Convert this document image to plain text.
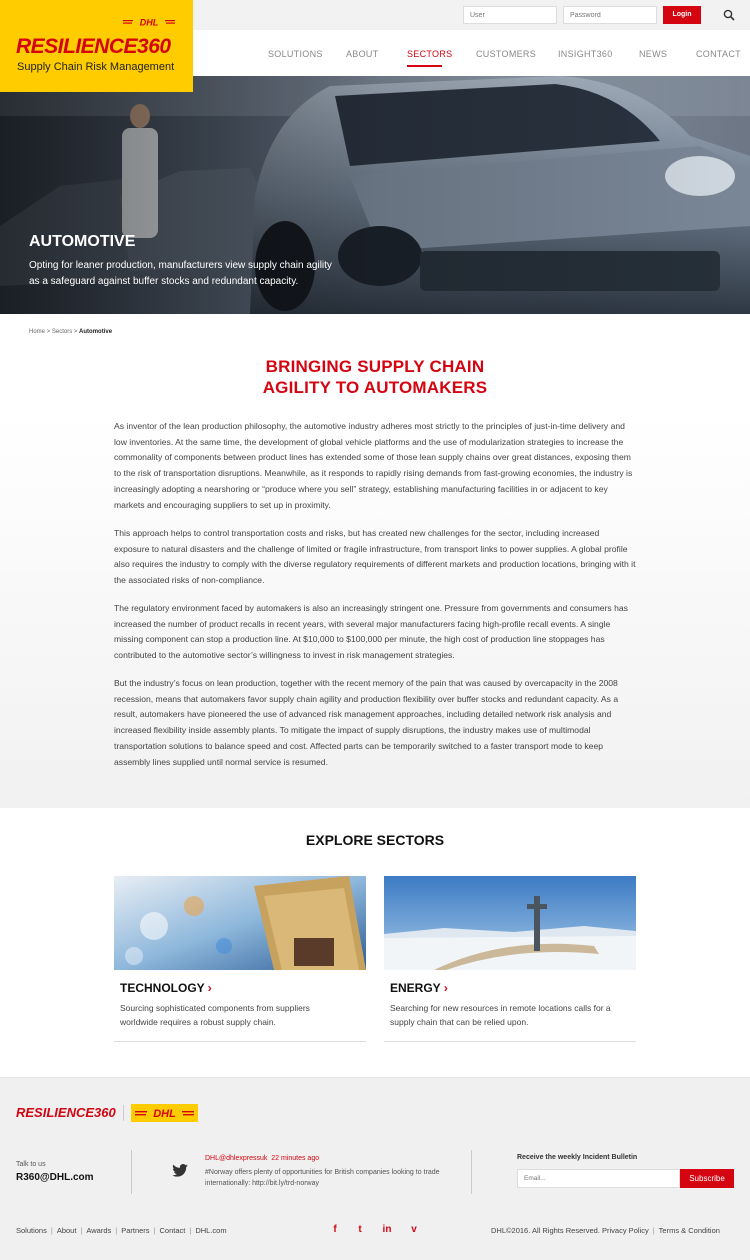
User
Password
Login
SOLUTIONS	ABOUT	SECTORS	CUSTOMERS INSIGHT360	NEWS	CONTACT
DHL
RESILIENCE360
Supply Chain Risk Management
AUTOMOTIVE
Opting for leaner production, manufacturers view supply chain agility as a safeguard against buffer stocks and redundant capacity.
Home > Sectors > Automotive
BRINGING SUPPLY CHAIN
AGILITY TO AUTOMAKERS

As inventor of the lean production philosophy, the automotive industry adheres most strictly to the principles of just-in-time delivery and low inventories. At the same time, the development of global vehicle platforms and the use of modularization strategies to increase the commonality of components between product lines has extended some of those lean supply chains over great distances, exposing them to the risk of transportation disruptions. Meanwhile, as it responds to rapidly rising demands from fast-growing economies, the industry is increasingly adopting a nearshoring or “produce where you sell” strategy, establishing manufacturing facilities in or adjacent to key markets and encouraging suppliers to set up in proximity.

This approach helps to control transportation costs and risks, but has created new challenges for the sector, including increased exposure to natural disasters and the challenge of limited or fragile infrastructure, from transport links to power supplies. A global profile also requires the industry to comply with the diverse regulatory requirements of different markets and production locations, bringing with it the associated risks of non-compliance.

The regulatory environment faced by automakers is also an increasingly stringent one. Pressure from governments and consumers has increased the number of product recalls in recent years, with several major manufacturers facing high-profile recall events. A single missing component can stop a production line. At $10,000 to $100,000 per minute, the high cost of production line stoppages has contributed to the automotive sector’s willingness to invest in risk management strategies.

But the industry’s focus on lean production, together with the recent memory of the pain that was caused by overcapacity in the 2008 recession, means that automakers favor supply chain agility and production flexibility over buffer stocks and redundant capacity. As a result, automakers have pioneered the use of advanced risk management approaches, including detailed network risk analysis and increased flexibility inside assembly plants. To mitigate the impact of supply disruptions, the industry makes use of multimodal transportation solutions to balance speed and cost. Affected parts can be temporarily switched to a faster transport mode to keep assembly lines supplied until normal service is resumed.

EXPLORE SECTORS
TECHNOLOGY ›
Sourcing sophisticated components from suppliers worldwide requires a robust supply chain.
ENERGY ›
Searching for new resources in remote locations calls for a supply chain that can be relied upon.
RESILIENCE360	DHL
Talk to us
R360@DHL.com
DHL@dhlexpressuk 22 minutes ago
#Norway offers plenty of opportunities for British companies looking to trade internationally: http://bit.ly/trd-norway
Receive the weekly Incident Bulletin
Email...
Subscribe
Solutions | About | Awards | Partners | Contact | DHL.com	f	t	in	v	DHL©2016. All Rights Reserved. Privacy Policy | Terms & Condition
